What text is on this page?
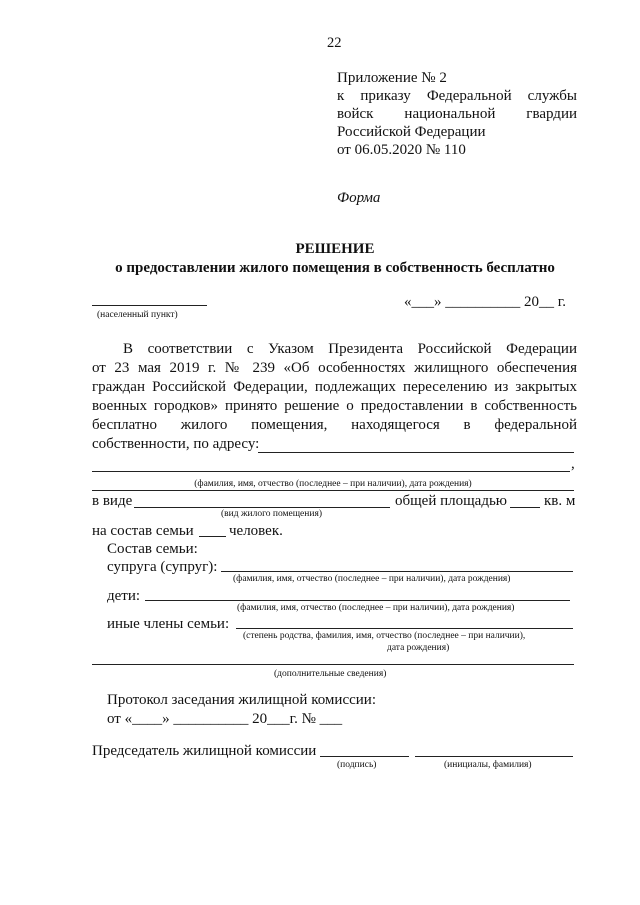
22
Приложение № 2
к приказу Федеральной службы
войск национальной гвардии
Российской Федерации
от 06.05.2020 № 110
Форма
РЕШЕНИЕ
о предоставлении жилого помещения в собственность бесплатно
(населенный пункт)
«___» __________ 20__ г.
В соответствии с Указом Президента Российской Федерации
от 23 мая 2019 г. № 239 «Об особенностях жилищного обеспечения
граждан Российской Федерации, подлежащих переселению из закрытых
военных городков» принято решение о предоставлении в собственность
бесплатно жилого помещения, находящегося в федеральной
собственности, по адресу:
,
(фамилия, имя, отчество (последнее – при наличии), дата рождения)
в виде	общей площадью кв. м
(вид жилого помещения)
на состав семьи человек.
Состав семьи:
супруга (супруг):
(фамилия, имя, отчество (последнее – при наличии), дата рождения)
дети:
(фамилия, имя, отчество (последнее – при наличии), дата рождения)
иные члены семьи:
(степень родства, фамилия, имя, отчество (последнее – при наличии),
дата рождения)
(дополнительные сведения)
Протокол заседания жилищной комиссии:
от «____» __________ 20___г. № ___
Председатель жилищной комиссии
(подпись)	(инициалы, фамилия)
